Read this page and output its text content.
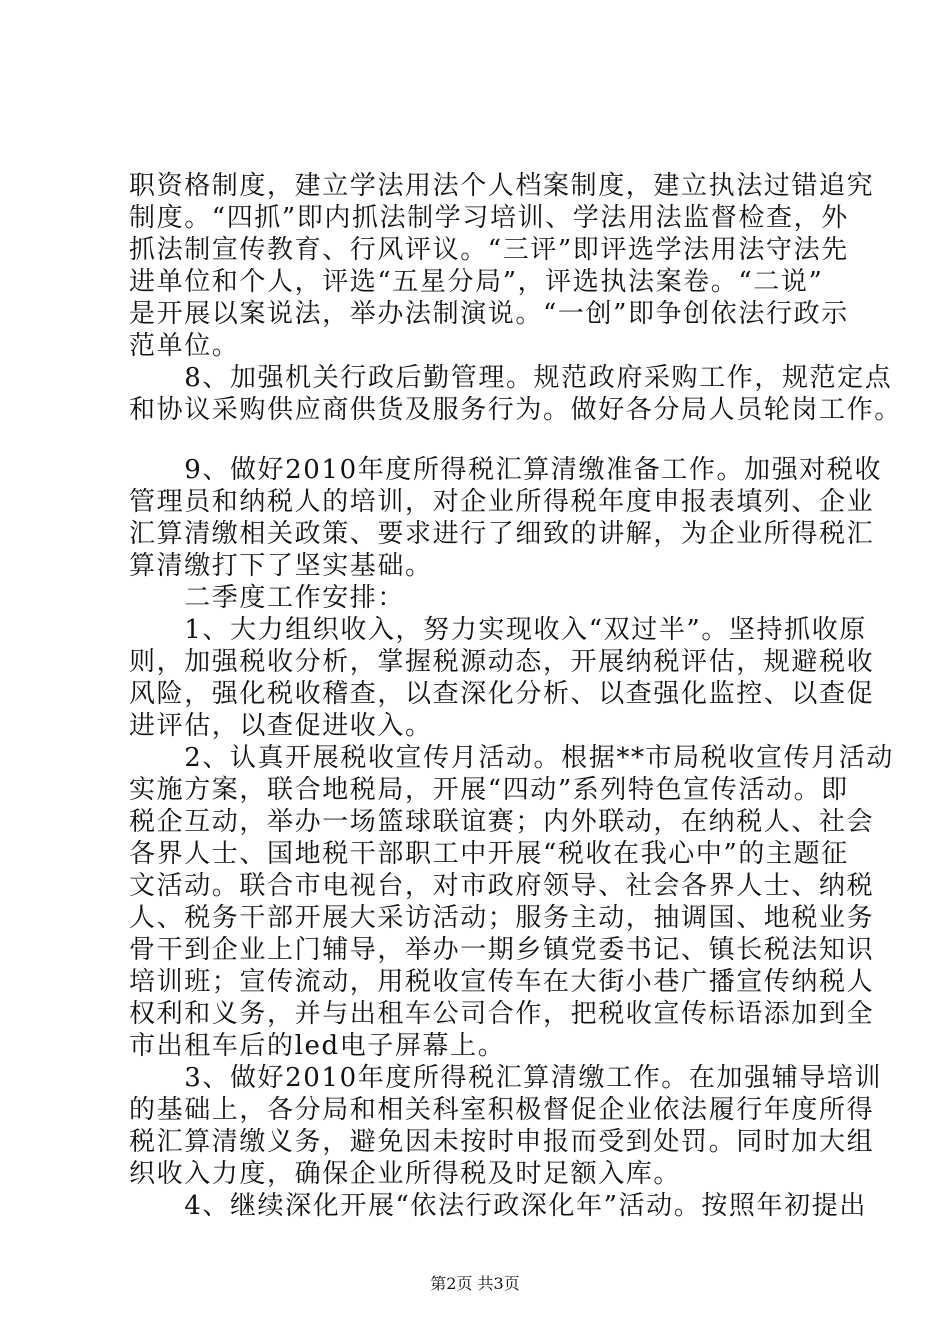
职资格制度，建立学法用法个人档案制度，建立执法过错追究
制度。“四抓”即内抓法制学习培训、学法用法监督检查，外
抓法制宣传教育、行风评议。“三评”即评选学法用法守法先
进单位和个人，评选“五星分局”，评选执法案卷。“二说”
是开展以案说法，举办法制演说。“一创”即争创依法行政示
范单位。
　　8、加强机关行政后勤管理。规范政府采购工作，规范定点
和协议采购供应商供货及服务行为。做好各分局人员轮岗工作。
　　9、做好2010年度所得税汇算清缴准备工作。加强对税收
管理员和纳税人的培训，对企业所得税年度申报表填列、企业
汇算清缴相关政策、要求进行了细致的讲解，为企业所得税汇
算清缴打下了坚实基础。
　　二季度工作安排：
　　1、大力组织收入，努力实现收入“双过半”。坚持抓收原
则，加强税收分析，掌握税源动态，开展纳税评估，规避税收
风险，强化税收稽查，以查深化分析、以查强化监控、以查促
进评估，以查促进收入。
　　2、认真开展税收宣传月活动。根据**市局税收宣传月活动
实施方案，联合地税局，开展“四动”系列特色宣传活动。即
税企互动，举办一场篮球联谊赛；内外联动，在纳税人、社会
各界人士、国地税干部职工中开展“税收在我心中”的主题征
文活动。联合市电视台，对市政府领导、社会各界人士、纳税
人、税务干部开展大采访活动；服务主动，抽调国、地税业务
骨干到企业上门辅导，举办一期乡镇党委书记、镇长税法知识
培训班；宣传流动，用税收宣传车在大街小巷广播宣传纳税人
权利和义务，并与出租车公司合作，把税收宣传标语添加到全
市出租车后的led电子屏幕上。
　　3、做好2010年度所得税汇算清缴工作。在加强辅导培训
的基础上，各分局和相关科室积极督促企业依法履行年度所得
税汇算清缴义务，避免因未按时申报而受到处罚。同时加大组
织收入力度，确保企业所得税及时足额入库。
　　4、继续深化开展“依法行政深化年”活动。按照年初提出
第2页 共3页
